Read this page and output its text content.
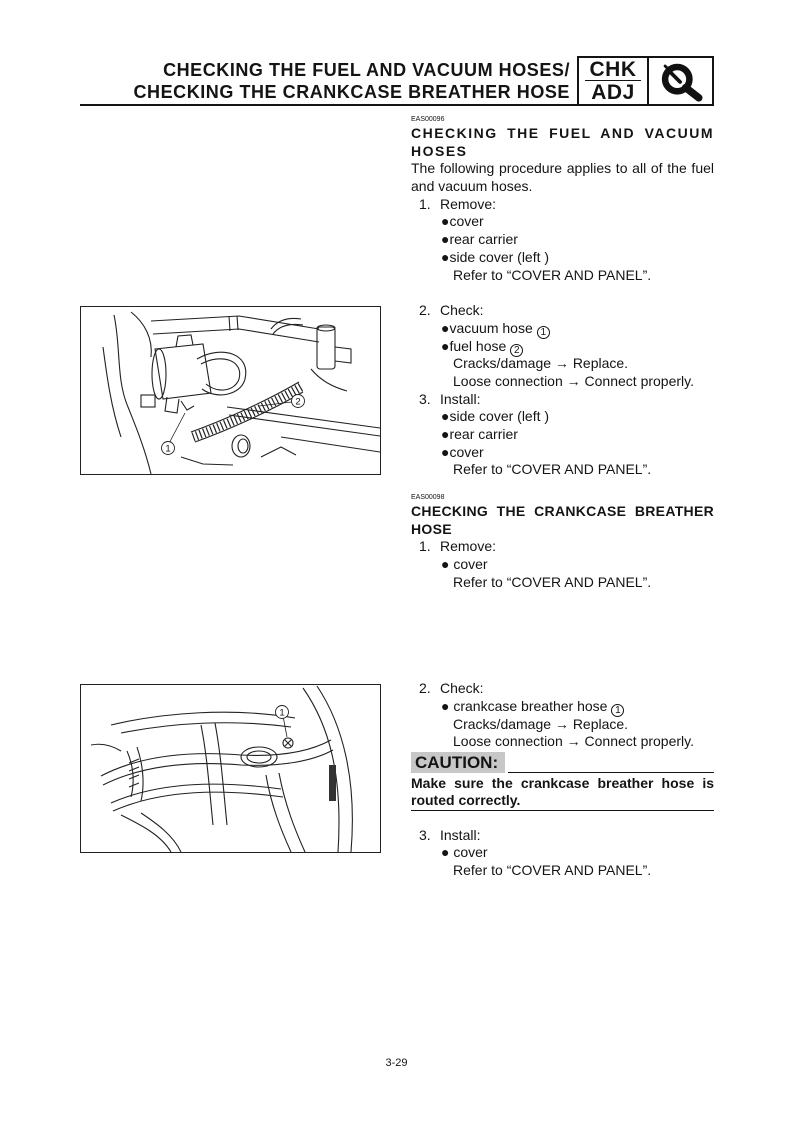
CHECKING THE FUEL AND VACUUM HOSES/
CHECKING THE CRANKCASE BREATHER HOSE
CHK
ADJ
2
1
1
EAS00096
CHECKING THE FUEL AND VACUUM
HOSES
The following procedure applies to all of the fuel
and vacuum hoses.
1. Remove:
●cover
●rear carrier
●side cover (left )
Refer to “COVER AND PANEL”.
2. Check:
●vacuum hose 1
●fuel hose 2
Cracks/damage → Replace.
Loose connection → Connect properly.
3. Install:
●side cover (left )
●rear carrier
●cover
Refer to “COVER AND PANEL”.
EAS00098
CHECKING THE CRANKCASE BREATHER
HOSE
1. Remove:
● cover
Refer to “COVER AND PANEL”.
2. Check:
● crankcase breather hose 1
Cracks/damage → Replace.
Loose connection → Connect properly.
CAUTION:
Make sure the crankcase breather hose is
routed correctly.
3. Install:
● cover
Refer to “COVER AND PANEL”.
3-29
